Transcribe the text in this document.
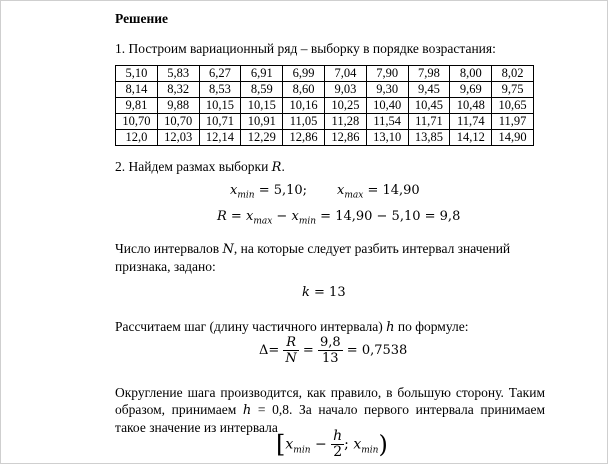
Решение
1. Построим вариационный ряд – выборку в порядке возрастания:
5,10	5,83	6,27	6,91	6,99	7,04	7,90	7,98	8,00	8,02
8,14	8,32	8,53	8,59	8,60	9,03	9,30	9,45	9,69	9,75
9,81	9,88	10,15	10,15	10,16	10,25	10,40	10,45	10,48	10,65
10,70	10,70	10,71	10,91	11,05	11,28	11,54	11,71	11,74	11,97
12,0	12,03	12,14	12,29	12,86	12,86	13,10	13,85	14,12	14,90
2. Найдем размах выборки R.
$x_{min} = 5,10$; $x_{max} = 14,90$
$R = x_{max} - x_{min} = 14,90 - 5,10 = 9,8$
Число интервалов N, на которые следует разбить интервал значений признака, задано:
k = 13
Рассчитаем шаг (длину частичного интервала) h по формуле:
$\Delta= \frac{R}{N} = \frac{9,8}{13} = 0,7538$
Округление шага производится, как правило, в большую сторону. Таким образом, принимаем h = 0,8. За начало первого интервала принимаем такое значение из интервала
[$x_{min} - \frac{h}{2}$ ; $x_{min}$)
